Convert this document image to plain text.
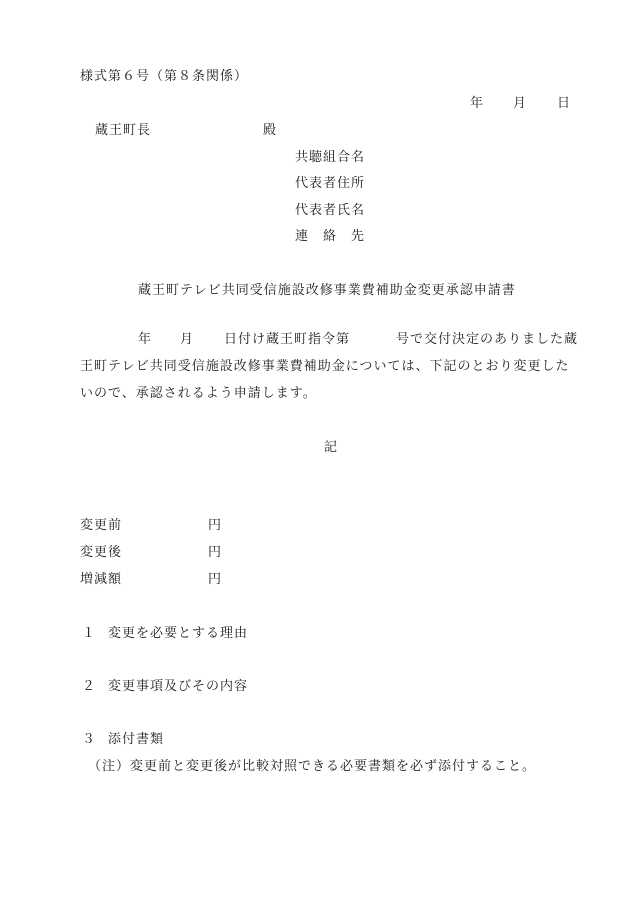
様式第６号（第８条関係）
年 月 日
蔵王町長	殿
共聴組合名
代表者住所
代表者氏名
連　絡　先
蔵王町テレビ共同受信施設改修事業費補助金変更承認申請書
年 月 日付け蔵王町指令第	号で交付決定のありました蔵
王町テレビ共同受信施設改修事業費補助金については、下記のとおり変更した
いので、承認されるよう申請します。
記
変更前	円
変更後	円
増減額	円
１ 変更を必要とする理由
２ 変更事項及びその内容
３ 添付書類
（注）変更前と変更後が比較対照できる必要書類を必ず添付すること。
